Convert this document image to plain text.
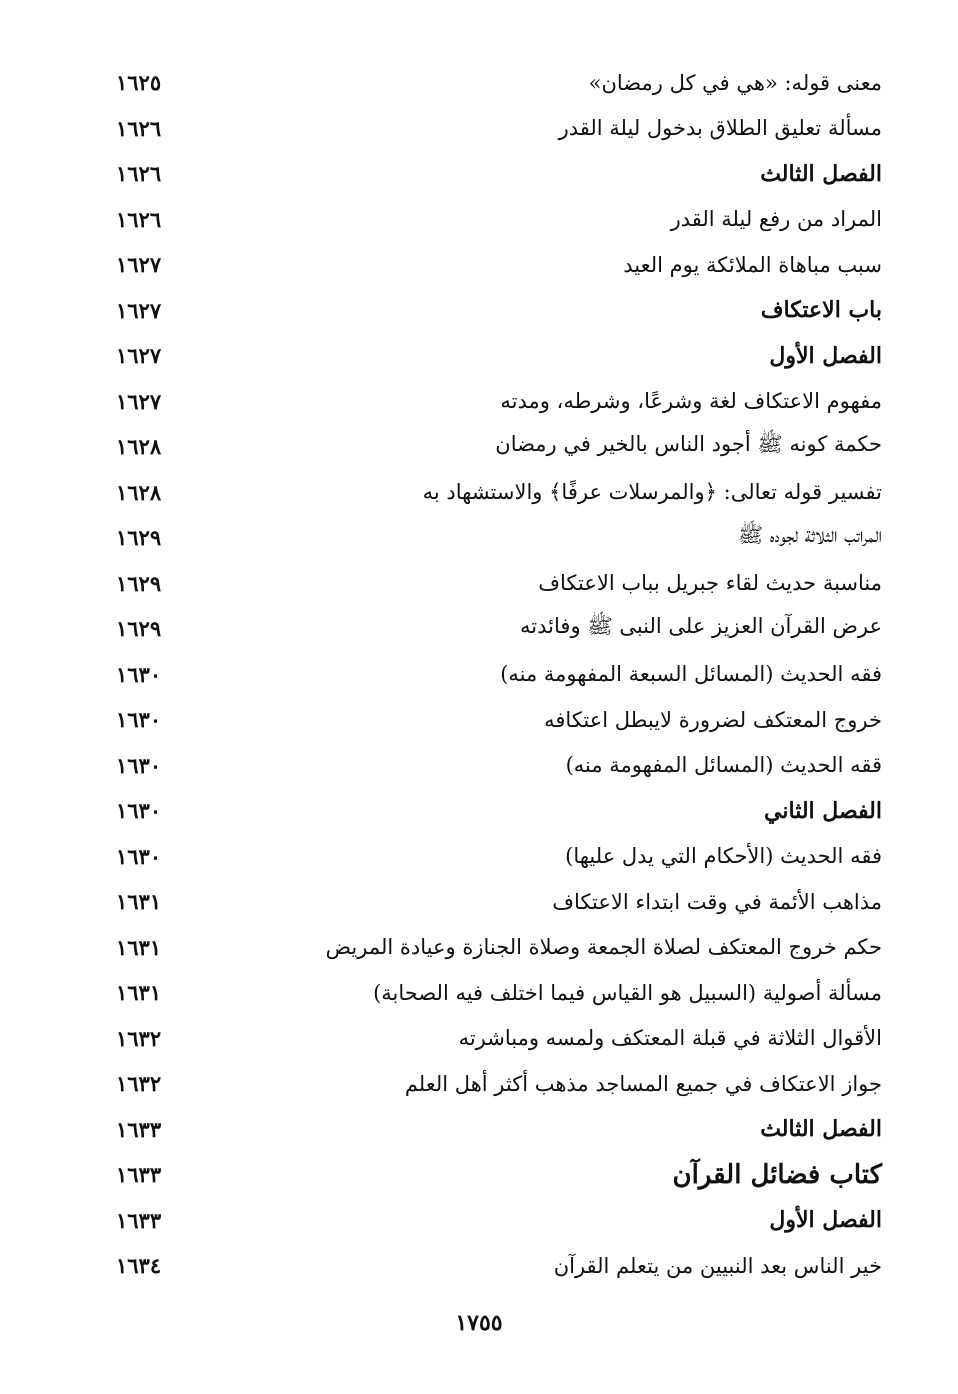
١٦٢٥	معنى قوله: «هي في كل رمضان»
١٦٢٦	مسألة تعليق الطلاق بدخول ليلة القدر
١٦٢٦	الفصل الثالث
١٦٢٦	المراد من رفع ليلة القدر
١٦٢٧	سبب مباهاة الملائكة يوم العيد
١٦٢٧	باب الاعتكاف
١٦٢٧	الفصل الأول
١٦٢٧	مفهوم الاعتكاف لغة وشرعًا، وشرطه، ومدته
١٦٢٨	حكمة كونه ﷺ أجود الناس بالخير في رمضان
١٦٢٨	تفسير قوله تعالى: ﴿والمرسلات عرفًا﴾ والاستشهاد به
١٦٢٩	المراتب الثلاثة لجوده ﷺ
١٦٢٩	مناسبة حديث لقاء جبريل بباب الاعتكاف
١٦٢٩	عرض القرآن العزيز على النبى ﷺ وفائدته
١٦٣٠	فقه الحديث (المسائل السبعة المفهومة منه)
١٦٣٠	خروج المعتكف لضرورة لايبطل اعتكافه
١٦٣٠	ققه الحديث (المسائل المفهومة منه)
١٦٣٠	الفصل الثاني
١٦٣٠	فقه الحديث (الأحكام التي يدل عليها)
١٦٣١	مذاهب الأئمة في وقت ابتداء الاعتكاف
١٦٣١	حكم خروج المعتكف لصلاة الجمعة وصلاة الجنازة وعيادة المريض
١٦٣١	مسألة أصولية (السبيل هو القياس فيما اختلف فيه الصحابة)
١٦٣٢	الأقوال الثلاثة في قبلة المعتكف ولمسه ومباشرته
١٦٣٢	جواز الاعتكاف في جميع المساجد مذهب أكثر أهل العلم
١٦٣٣	الفصل الثالث
١٦٣٣	كتاب فضائل القرآن
١٦٣٣	الفصل الأول
١٦٣٤	خير الناس بعد النبيين من يتعلم القرآن
١٧٥٥
